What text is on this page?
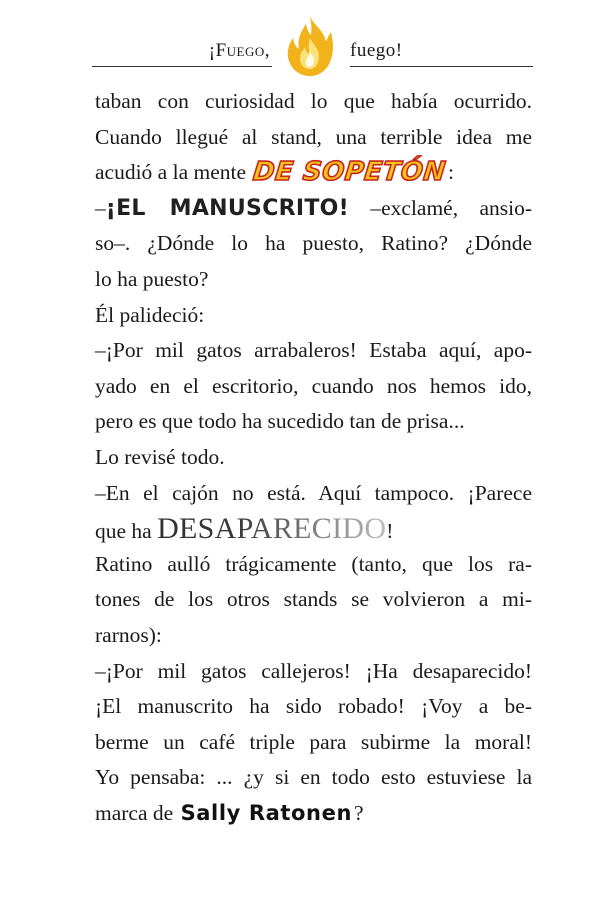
¡Fuego,	fuego!
taban con curiosidad lo que había ocurrido.
Cuando llegué al stand, una terrible idea me
acudió a la mente DE SOPETÓN:
–¡EL MANUSCRITO! –exclamé, ansio-
so–. ¿Dónde lo ha puesto, Ratino? ¿Dónde
lo ha puesto?
Él palideció:
–¡Por mil gatos arrabaleros! Estaba aquí, apo-
yado en el escritorio, cuando nos hemos ido,
pero es que todo ha sucedido tan de prisa...
Lo revisé todo.
–En el cajón no está. Aquí tampoco. ¡Parece
que ha DESAPARECIDO!
Ratino aulló trágicamente (tanto, que los ra-
tones de los otros stands se volvieron a mi-
rarnos):
–¡Por mil gatos callejeros! ¡Ha desaparecido!
¡El manuscrito ha sido robado! ¡Voy a be-
berme un café triple para subirme la moral!
Yo pensaba: ... ¿y si en todo esto estuviese la
marca de Sally Ratonen?
